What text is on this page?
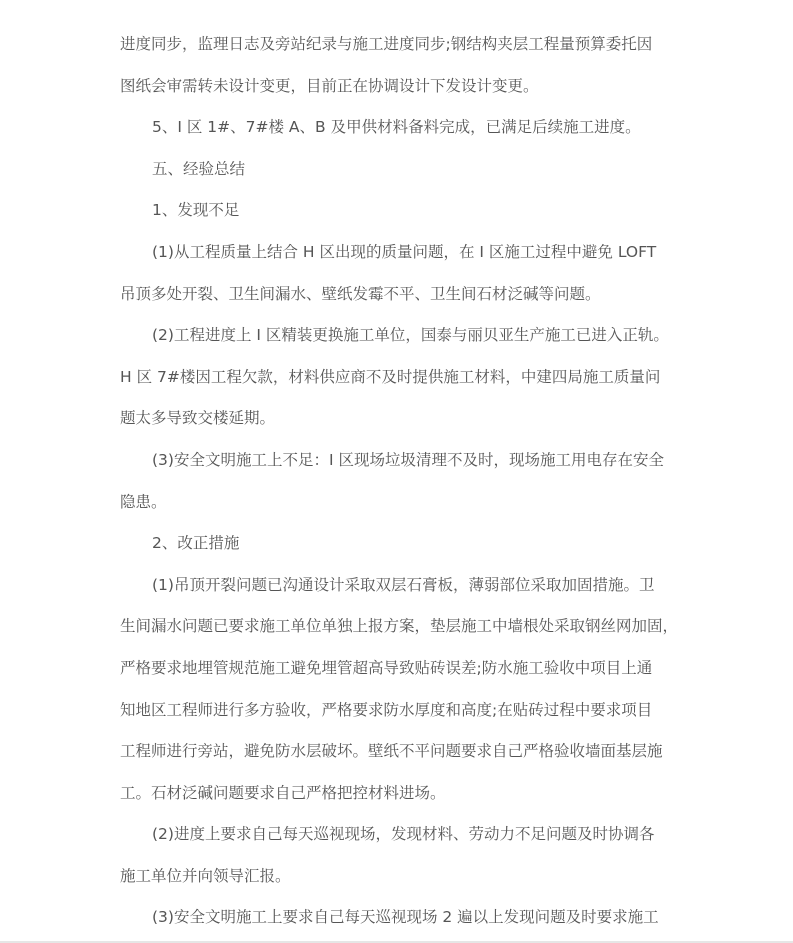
进度同步，监理日志及旁站纪录与施工进度同步;钢结构夹层工程量预算委托因
图纸会审需转未设计变更，目前正在协调设计下发设计变更。
5、I 区 1#、7#楼 A、B 及甲供材料备料完成，已满足后续施工进度。
五、经验总结
1、发现不足
(1)从工程质量上结合 H 区出现的质量问题，在 I 区施工过程中避免 LOFT
吊顶多处开裂、卫生间漏水、壁纸发霉不平、卫生间石材泛碱等问题。
(2)工程进度上 I 区精装更换施工单位，国泰与丽贝亚生产施工已进入正轨。
H 区 7#楼因工程欠款，材料供应商不及时提供施工材料，中建四局施工质量问
题太多导致交楼延期。
(3)安全文明施工上不足：I 区现场垃圾清理不及时，现场施工用电存在安全
隐患。
2、改正措施
(1)吊顶开裂问题已沟通设计采取双层石膏板，薄弱部位采取加固措施。卫
生间漏水问题已要求施工单位单独上报方案，垫层施工中墙根处采取钢丝网加固，
严格要求地埋管规范施工避免埋管超高导致贴砖误差;防水施工验收中项目上通
知地区工程师进行多方验收，严格要求防水厚度和高度;在贴砖过程中要求项目
工程师进行旁站，避免防水层破坏。壁纸不平问题要求自己严格验收墙面基层施
工。石材泛碱问题要求自己严格把控材料进场。
(2)进度上要求自己每天巡视现场，发现材料、劳动力不足问题及时协调各
施工单位并向领导汇报。
(3)安全文明施工上要求自己每天巡视现场 2 遍以上发现问题及时要求施工
